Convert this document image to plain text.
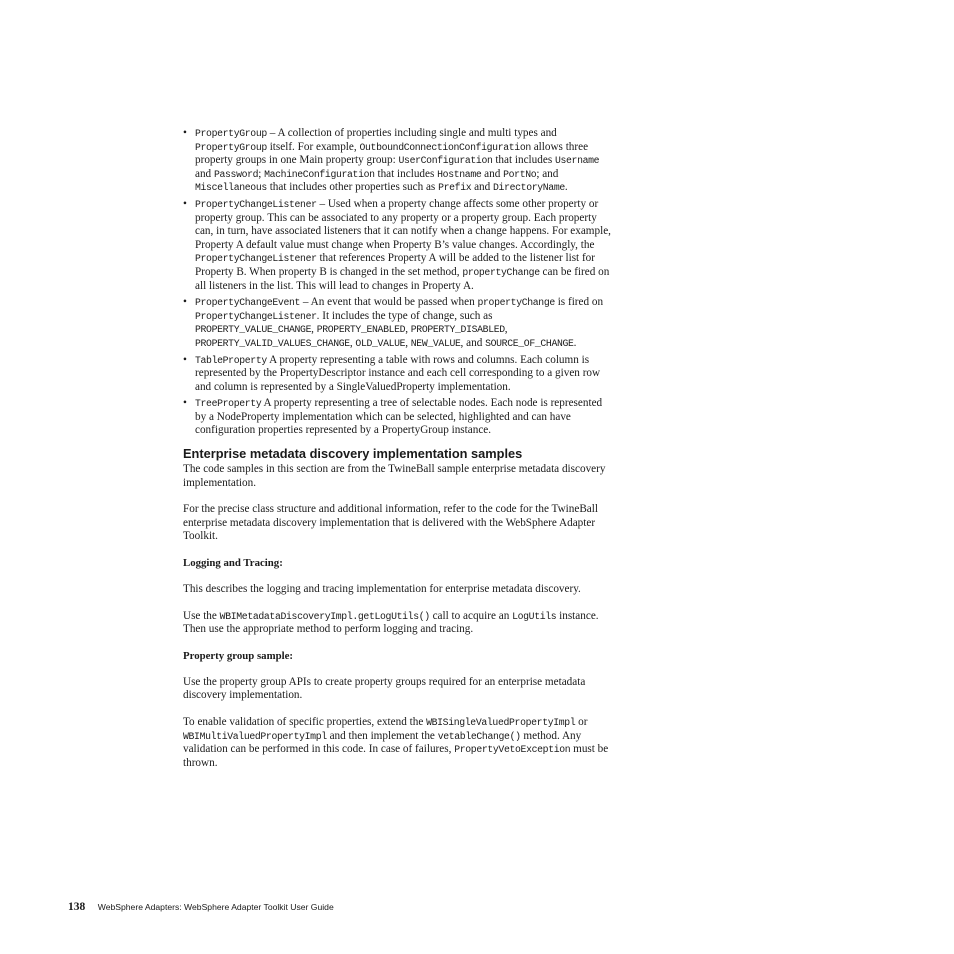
• PropertyGroup – A collection of properties including single and multi types and PropertyGroup itself. For example, OutboundConnectionConfiguration allows three property groups in one Main property group: UserConfiguration that includes Username and Password; MachineConfiguration that includes Hostname and PortNo; and Miscellaneous that includes other properties such as Prefix and DirectoryName.
• PropertyChangeListener – Used when a property change affects some other property or property group. This can be associated to any property or a property group. Each property can, in turn, have associated listeners that it can notify when a change happens. For example, Property A default value must change when Property B’s value changes. Accordingly, the PropertyChangeListener that references Property A will be added to the listener list for Property B. When property B is changed in the set method, propertyChange can be fired on all listeners in the list. This will lead to changes in Property A.
• PropertyChangeEvent – An event that would be passed when propertyChange is fired on PropertyChangeListener. It includes the type of change, such as PROPERTY_VALUE_CHANGE, PROPERTY_ENABLED, PROPERTY_DISABLED, PROPERTY_VALID_VALUES_CHANGE, OLD_VALUE, NEW_VALUE, and SOURCE_OF_CHANGE.
• TableProperty A property representing a table with rows and columns. Each column is represented by the PropertyDescriptor instance and each cell corresponding to a given row and column is represented by a SingleValuedProperty implementation.
• TreeProperty A property representing a tree of selectable nodes. Each node is represented by a NodeProperty implementation which can be selected, highlighted and can have configuration properties represented by a PropertyGroup instance.
Enterprise metadata discovery implementation samples

The code samples in this section are from the TwineBall sample enterprise metadata discovery implementation.

For the precise class structure and additional information, refer to the code for the TwineBall enterprise metadata discovery implementation that is delivered with the WebSphere Adapter Toolkit.

Logging and Tracing:

This describes the logging and tracing implementation for enterprise metadata discovery.

Use the WBIMetadataDiscoveryImpl.getLogUtils() call to acquire an LogUtils instance. Then use the appropriate method to perform logging and tracing.

Property group sample:

Use the property group APIs to create property groups required for an enterprise metadata discovery implementation.

To enable validation of specific properties, extend the WBISingleValuedPropertyImpl or WBIMultiValuedPropertyImpl and then implement the vetableChange() method. Any validation can be performed in this code. In case of failures, PropertyVetoException must be thrown.

138 WebSphere Adapters: WebSphere Adapter Toolkit User Guide
